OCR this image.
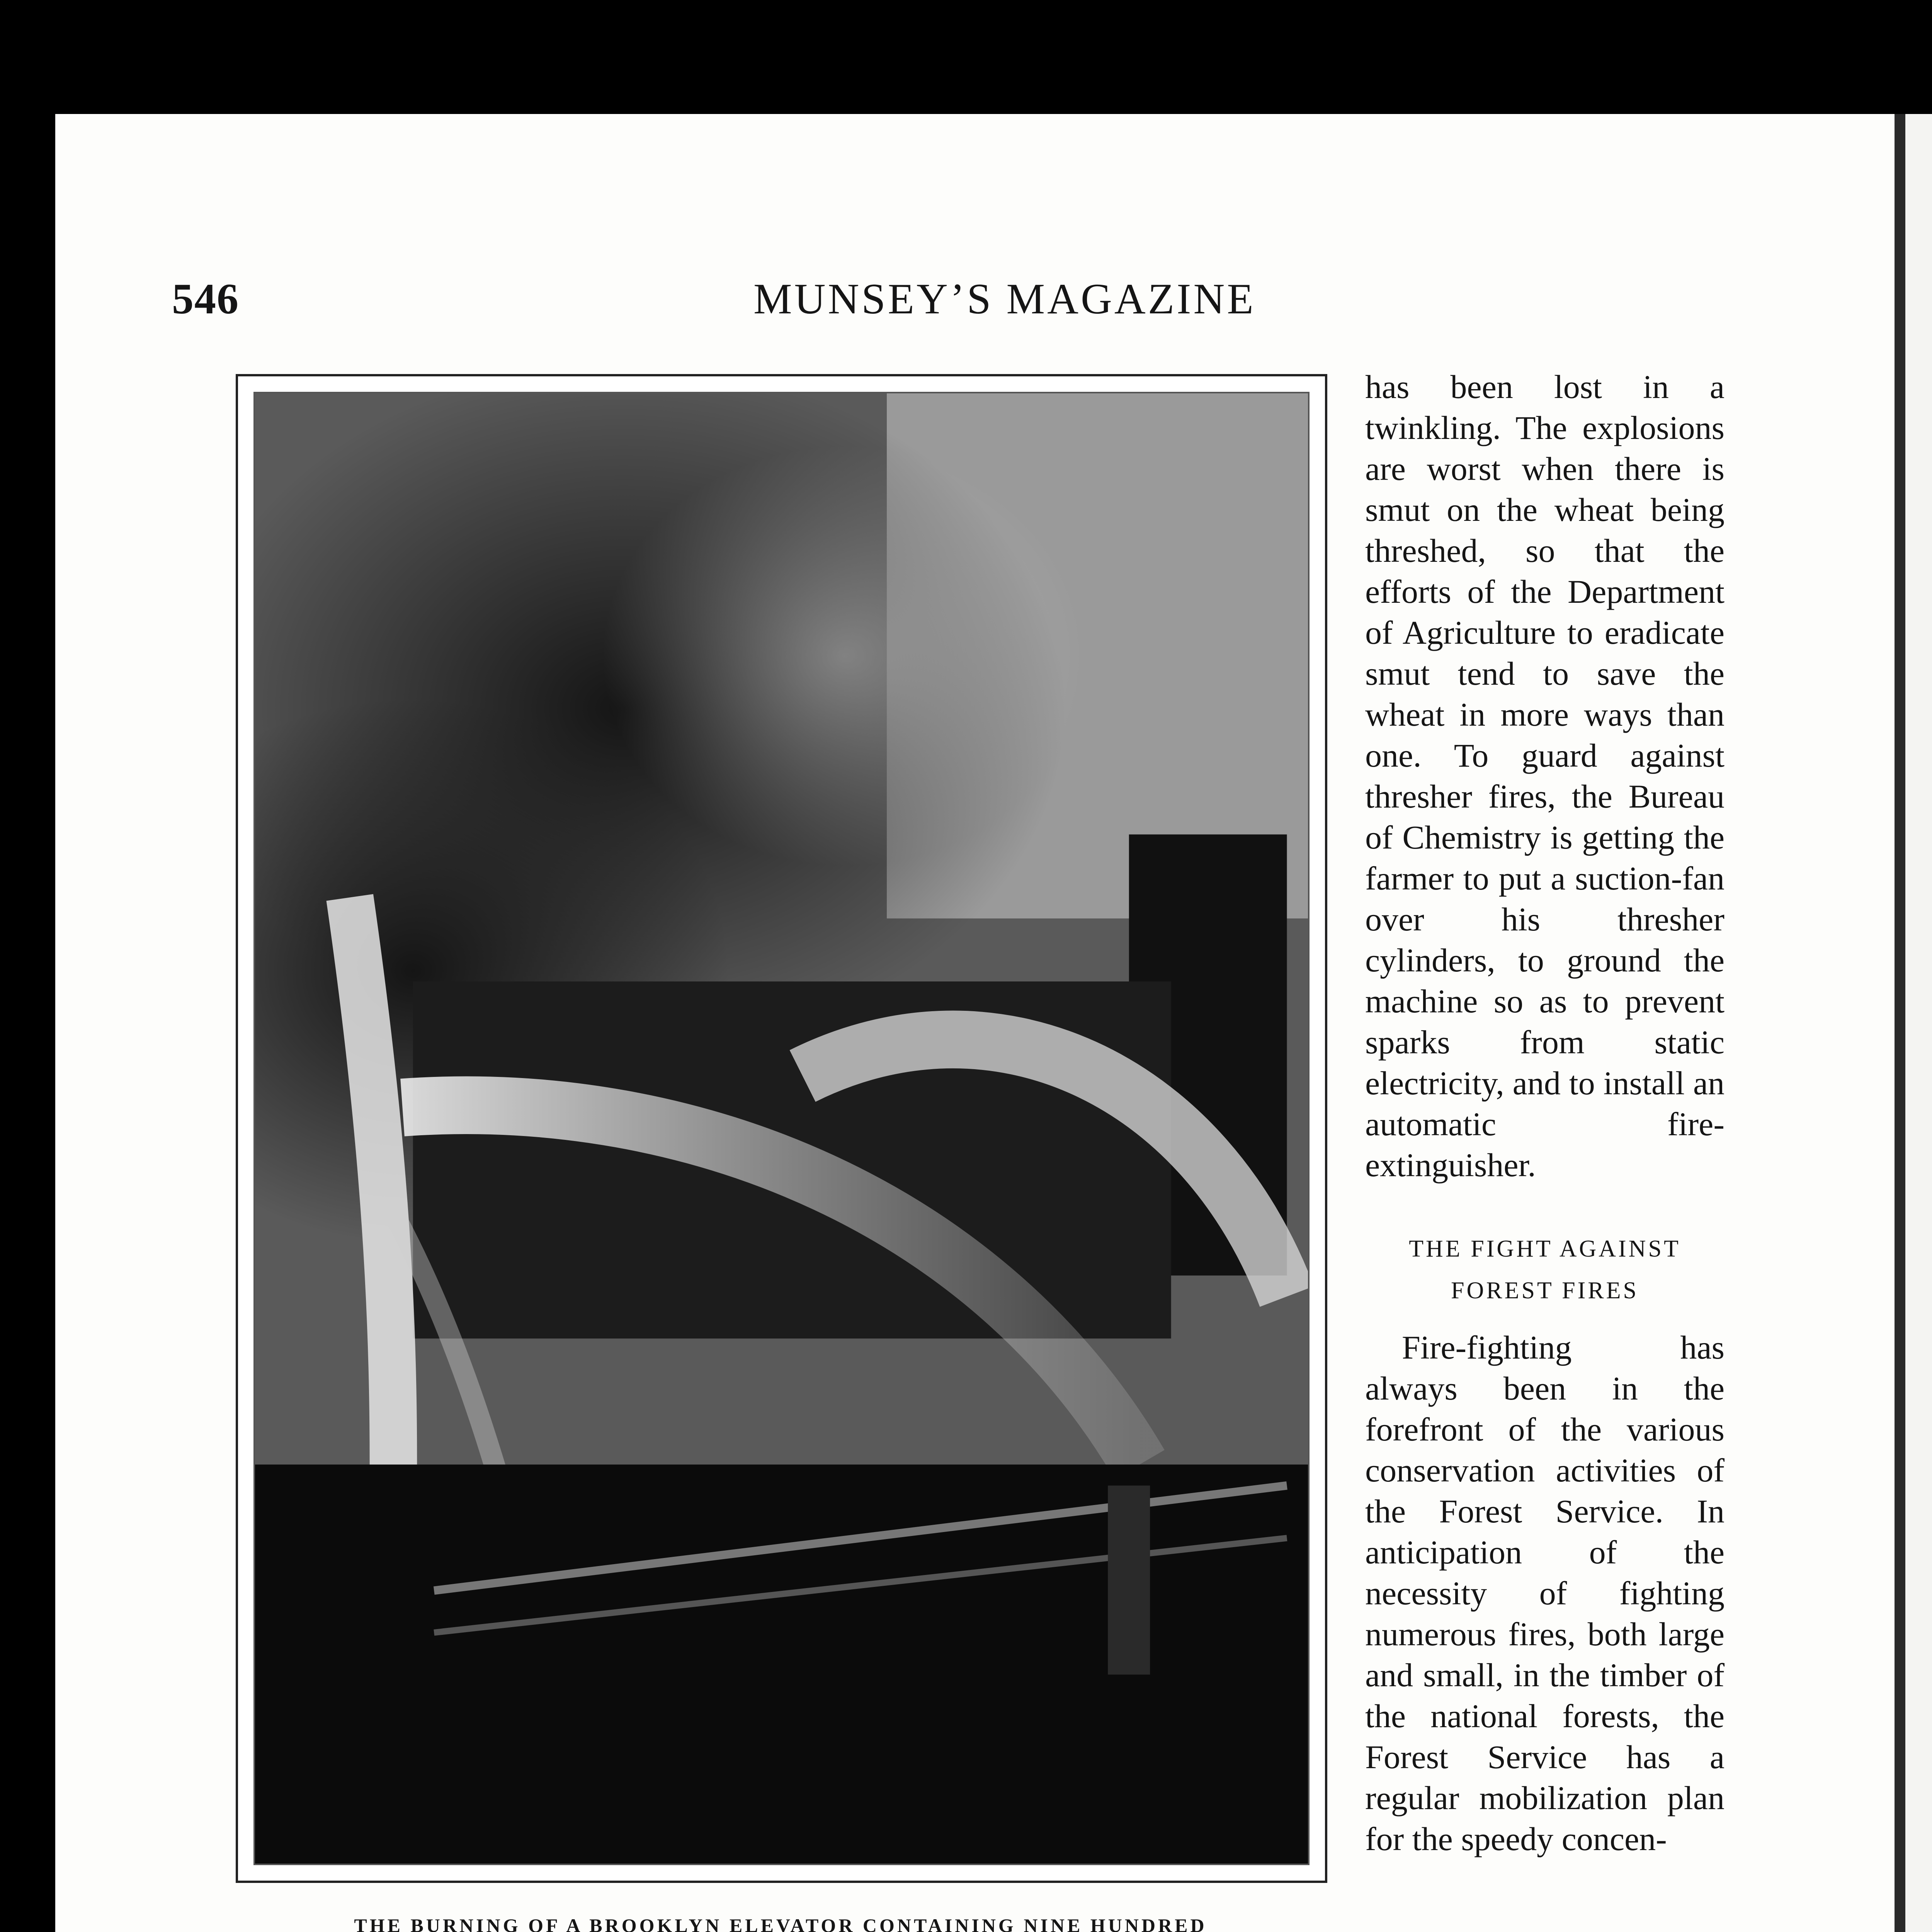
546	MUNSEY’S MAGAZINE
THE BURNING OF A BROOKLYN ELEVATOR CONTAINING NINE HUNDRED

has been lost in a twinkling. The explosions are worst when there is smut on the wheat being threshed, so that the efforts of the Department of Agriculture to eradicate smut tend to save the wheat in more ways than one. To guard against thresher fires, the Bureau of Chemistry is getting the farmer to put a suction-fan over his thresher cylinders, to ground the machine so as to prevent sparks from static electricity, and to install an automatic fire-extinguisher.

THE FIGHT AGAINST
FOREST FIRES

Fire-fighting has always been in the forefront of the various conservation activities of the Forest Service. In anticipation of the necessity of fighting numerous fires, both large and small, in the timber of the national forests, the Forest Service has a regular mobilization plan for the speedy concen-
